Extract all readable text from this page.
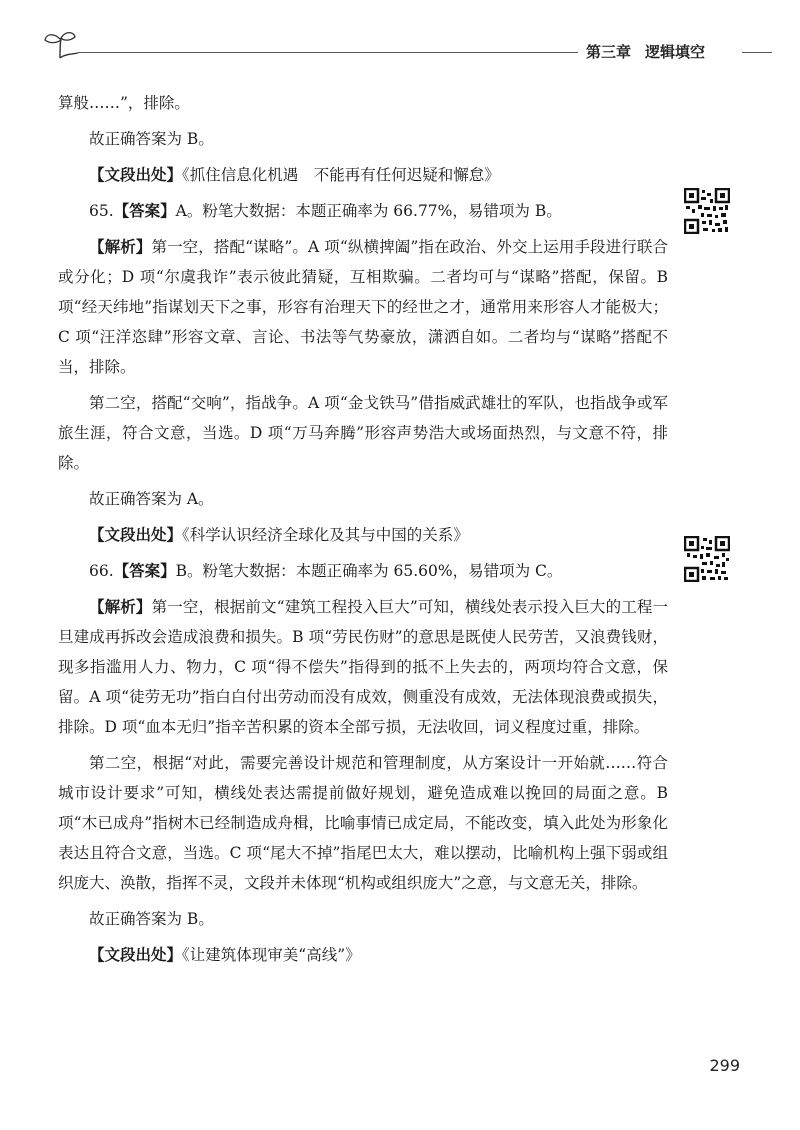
第三章 逻辑填空

算般……”，排除。

故正确答案为 B。

【文段出处】《抓住信息化机遇　不能再有任何迟疑和懈怠》

65.【答案】A。粉笔大数据：本题正确率为 66.77%，易错项为 B。

【解析】第一空，搭配“谋略”。A 项“纵横捭阖”指在政治、外交上运用手段进行联合或分化；D 项“尔虞我诈”表示彼此猜疑，互相欺骗。二者均可与“谋略”搭配，保留。B 项“经天纬地”指谋划天下之事，形容有治理天下的经世之才，通常用来形容人才能极大；C 项“汪洋恣肆”形容文章、言论、书法等气势豪放，潇洒自如。二者均与“谋略”搭配不当，排除。

第二空，搭配“交响”，指战争。A 项“金戈铁马”借指威武雄壮的军队，也指战争或军旅生涯，符合文意，当选。D 项“万马奔腾”形容声势浩大或场面热烈，与文意不符，排除。

故正确答案为 A。

【文段出处】《科学认识经济全球化及其与中国的关系》

66.【答案】B。粉笔大数据：本题正确率为 65.60%，易错项为 C。

【解析】第一空，根据前文“建筑工程投入巨大”可知，横线处表示投入巨大的工程一旦建成再拆改会造成浪费和损失。B 项“劳民伤财”的意思是既使人民劳苦，又浪费钱财，现多指滥用人力、物力，C 项“得不偿失”指得到的抵不上失去的，两项均符合文意，保留。A 项“徒劳无功”指白白付出劳动而没有成效，侧重没有成效，无法体现浪费或损失，排除。D 项“血本无归”指辛苦积累的资本全部亏损，无法收回，词义程度过重，排除。

第二空，根据“对此，需要完善设计规范和管理制度，从方案设计一开始就……符合城市设计要求”可知，横线处表达需提前做好规划，避免造成难以挽回的局面之意。B 项“木已成舟”指树木已经制造成舟楫，比喻事情已成定局，不能改变，填入此处为形象化表达且符合文意，当选。C 项“尾大不掉”指尾巴太大，难以摆动，比喻机构上强下弱或组织庞大、涣散，指挥不灵，文段并未体现“机构或组织庞大”之意，与文意无关，排除。

故正确答案为 B。

【文段出处】《让建筑体现审美“高线”》

299
